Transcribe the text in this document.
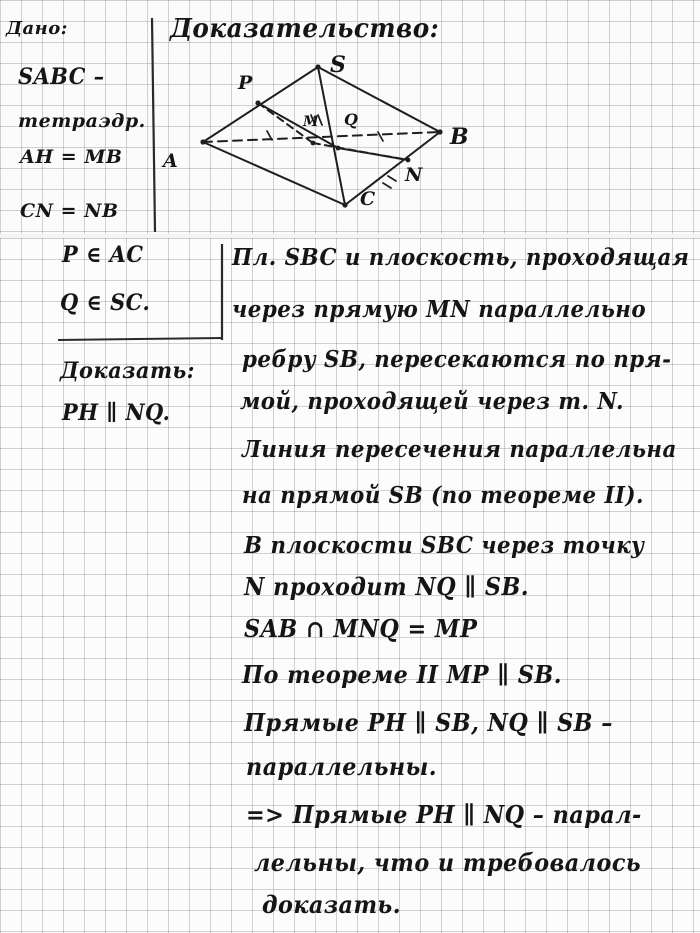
S
P
A
B
C
N
Q
M
Дано:
SABC –
тетраэдр.
AH = MB
CN = NB
Доказательство:
P ∈ AC
Q ∈ SC.
Доказать:
PH ∥ NQ.
Пл. SBC и плоскость, проходящая
через прямую MN параллельно
ребру SB, пересекаются по пря-
мой, проходящей через т. N.
Линия пересечения параллельна
на прямой SB (по теореме II).
В плоскости SBC через точку
N проходит NQ ∥ SB.
SAB ∩ MNQ = MP
По теореме II MP ∥ SB.
Прямые PH ∥ SB, NQ ∥ SB –
параллельны.
=> Прямые PH ∥ NQ – парал-
лельны, что и требовалось
доказать.
